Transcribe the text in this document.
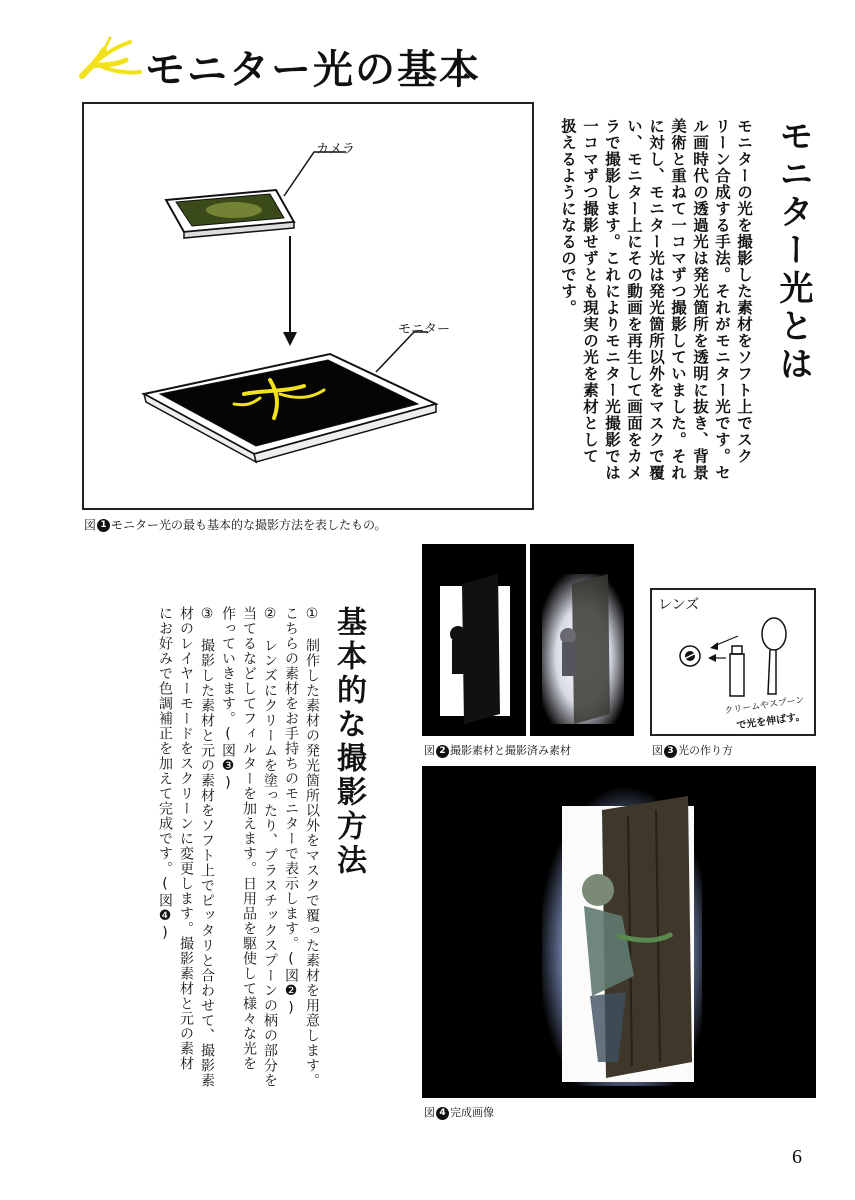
モニター光の基本
カメラ
モニター
図 1 モニター光の最も基本的な撮影方法を表したもの。
モニター光とは
モニターの光を撮影した素材をソフト上でスク
リーン合成する手法。それがモニター光です。セ
ル画時代の透過光は発光箇所を透明に抜き、背景
美術と重ねて一コマずつ撮影していました。それ
に対し、モニター光は発光箇所以外をマスクで覆
い、モニター上にその動画を再生して画面をカメ
ラで撮影します。これによりモニター光撮影では
一コマずつ撮影せずとも現実の光を素材として
扱えるようになるのです。
図 2 撮影素材と撮影済み素材
レンズ
クリームやスプーン
で光を伸ばす。
図 3 光の作り方
図 4 完成画像
基本的な撮影方法
①　制作した素材の発光箇所以外をマスクで覆った素材を用意します。
こちらの素材をお手持ちのモニターで表示します。(図❷)
②　レンズにクリームを塗ったり、プラスチックスプーンの柄の部分を
当てるなどしてフィルターを加えます。日用品を駆使して様々な光を
作っていきます。(図❸)
③　撮影した素材と元の素材をソフト上でピッタリと合わせて、撮影素
材のレイヤーモードをスクリーンに変更します。撮影素材と元の素材
にお好みで色調補正を加えて完成です。(図❹)
6
